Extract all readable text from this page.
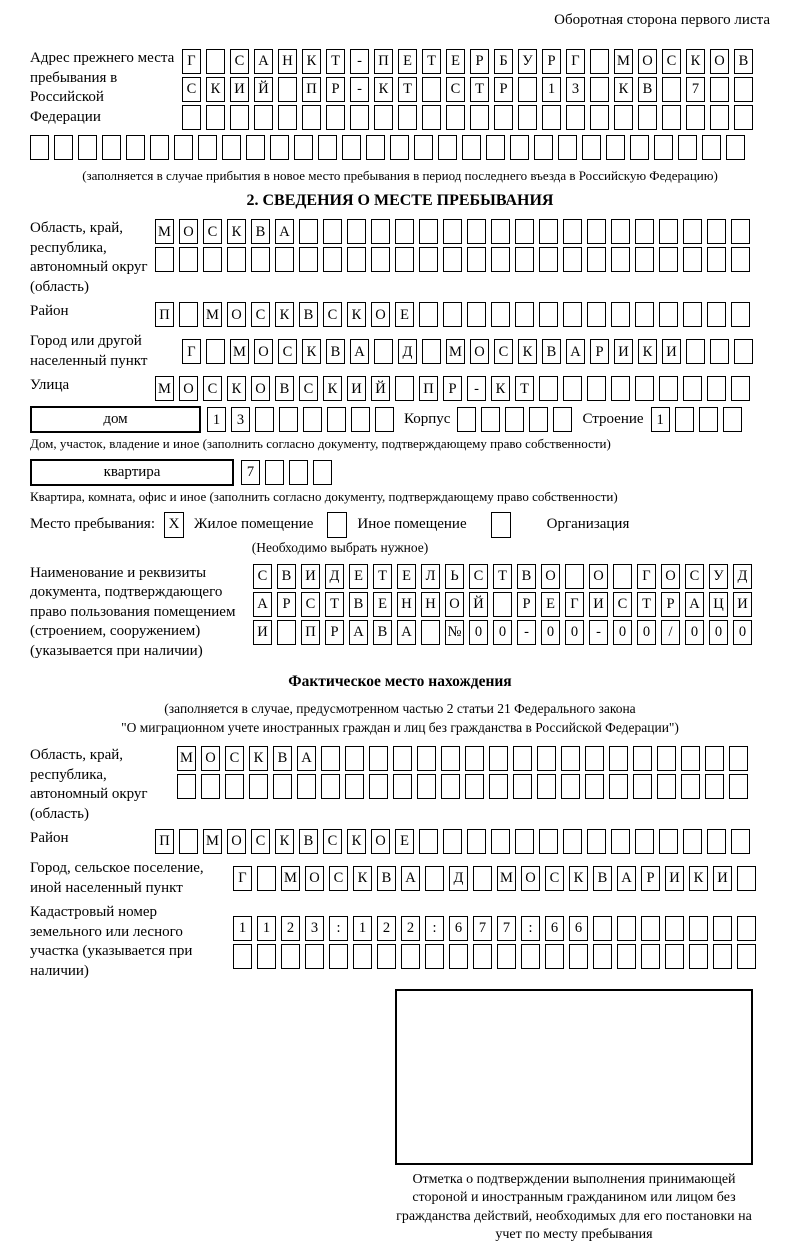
Оборотная сторона первого листа
Адрес прежнего места пребывания в Российской Федерации
Г	С А Н К	Т	-	П Е	Т	Е	Р	Б	У	Р	Г	М О С К О В
С К И Й	П	Р	-	К	Т	С	Т	Р	1	3	К В	7
(заполняется в случае прибытия в новое место пребывания в период последнего въезда в Российскую Федерацию)
2. СВЕДЕНИЯ О МЕСТЕ ПРЕБЫВАНИЯ
Область, край, республика, автономный округ (область)
М О С К В А
Район	П	М О С К В С К О Е
Город или другой населенный пункт
Г	М О С К В А	Д	М О С К В А	Р	И К И
Улица	М О С К О В С К И Й	П	Р	-	К	Т
дом	1	3	Корпус	Строение 1
Дом, участок, владение и иное (заполнить согласно документу, подтверждающему право собственности)
квартира	7
Квартира, комната, офис и иное (заполнить согласно документу, подтверждающему право собственности)
Место пребывания: X Жилое помещение	Иное помещение	Организация
(Необходимо выбрать нужное)
Наименование и реквизиты документа, подтверждающего право пользования помещением (строением, сооружением) (указывается при наличии)
С В И Д	Е	Т	Е	Л	Ь	С	Т	В О	О	Г	О С У Д
А	Р	С	Т	В	Е Н Н О Й	Р	Е	Г	И С	Т	Р	А Ц И
И	П	Р	А В А № 0	0	-	0	0	-	0	0	/	0	0	0
Фактическое место нахождения
(заполняется в случае, предусмотренном частью 2 статьи 21 Федерального закона
"О миграционном учете иностранных граждан и лиц без гражданства в Российской Федерации")
Область, край, республика, автономный округ (область)
М О С К В А
Район	П	М О С К В С К О Е
Город, сельское поселение, иной населенный пункт
Г	М О С К В А	Д	М О С К В А	Р	И К И
Кадастровый номер земельного или лесного участка (указывается при наличии)
1	1	2	3	:	1	2	2	:	6	7	7	:	6	6
Отметка о подтверждении выполнения принимающей стороной и иностранным гражданином или лицом без гражданства действий, необходимых для его постановки на учет по месту пребывания
